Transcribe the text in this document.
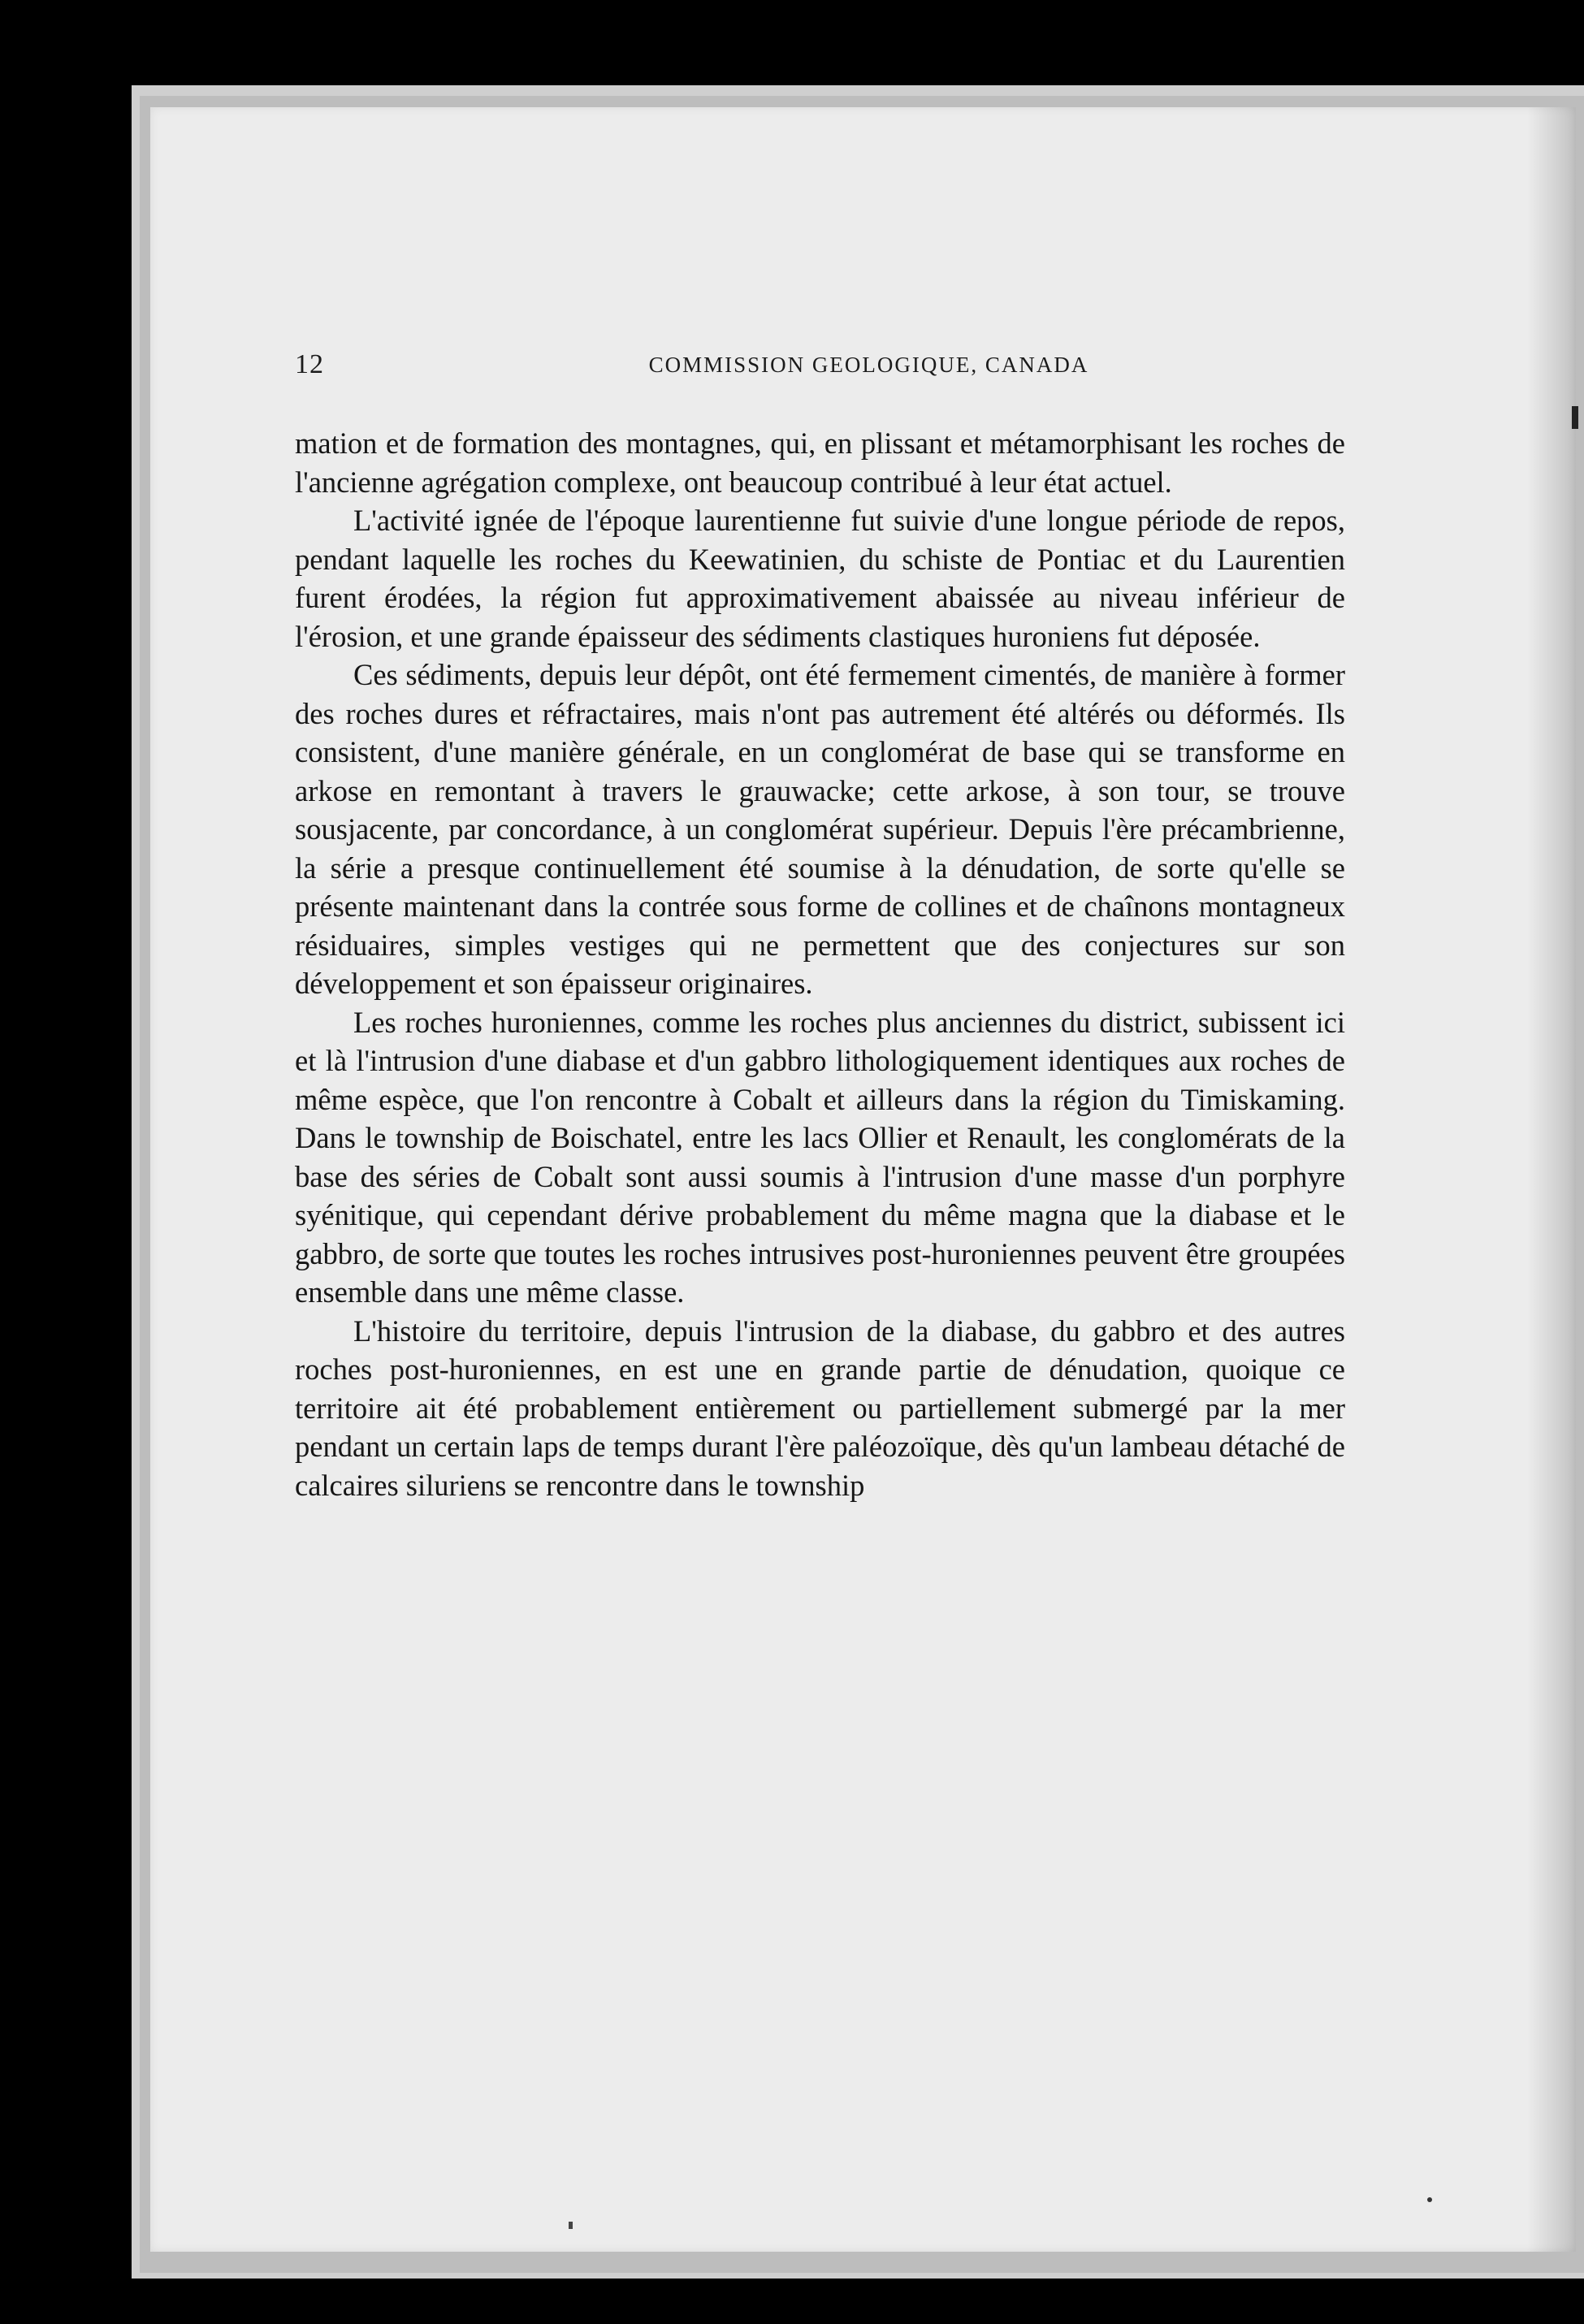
12	COMMISSION GEOLOGIQUE, CANADA

mation et de formation des montagnes, qui, en plissant et métamorphisant les roches de l'ancienne agrégation complexe, ont beaucoup contribué à leur état actuel.

L'activité ignée de l'époque laurentienne fut suivie d'une longue période de repos, pendant laquelle les roches du Keewatinien, du schiste de Pontiac et du Laurentien furent érodées, la région fut approximativement abaissée au niveau inférieur de l'érosion, et une grande épaisseur des sédiments clastiques huroniens fut déposée.

Ces sédiments, depuis leur dépôt, ont été fermement cimentés, de manière à former des roches dures et réfractaires, mais n'ont pas autrement été altérés ou déformés. Ils consistent, d'une manière générale, en un conglomérat de base qui se transforme en arkose en remontant à travers le grauwacke; cette arkose, à son tour, se trouve sousjacente, par concordance, à un conglomérat supérieur. Depuis l'ère précambrienne, la série a presque continuellement été soumise à la dénudation, de sorte qu'elle se présente maintenant dans la contrée sous forme de collines et de chaînons montagneux résiduaires, simples vestiges qui ne permettent que des conjectures sur son développement et son épaisseur originaires.

Les roches huroniennes, comme les roches plus anciennes du district, subissent ici et là l'intrusion d'une diabase et d'un gabbro lithologiquement identiques aux roches de même espèce, que l'on rencontre à Cobalt et ailleurs dans la région du Timiskaming. Dans le township de Boischatel, entre les lacs Ollier et Renault, les conglomérats de la base des séries de Cobalt sont aussi soumis à l'intrusion d'une masse d'un porphyre syénitique, qui cependant dérive probablement du même magna que la diabase et le gabbro, de sorte que toutes les roches intrusives post-huroniennes peuvent être groupées ensemble dans une même classe.

L'histoire du territoire, depuis l'intrusion de la diabase, du gabbro et des autres roches post-huroniennes, en est une en grande partie de dénudation, quoique ce territoire ait été probablement entièrement ou partiellement submergé par la mer pendant un certain laps de temps durant l'ère paléozoïque, dès qu'un lambeau détaché de calcaires siluriens se rencontre dans le township
